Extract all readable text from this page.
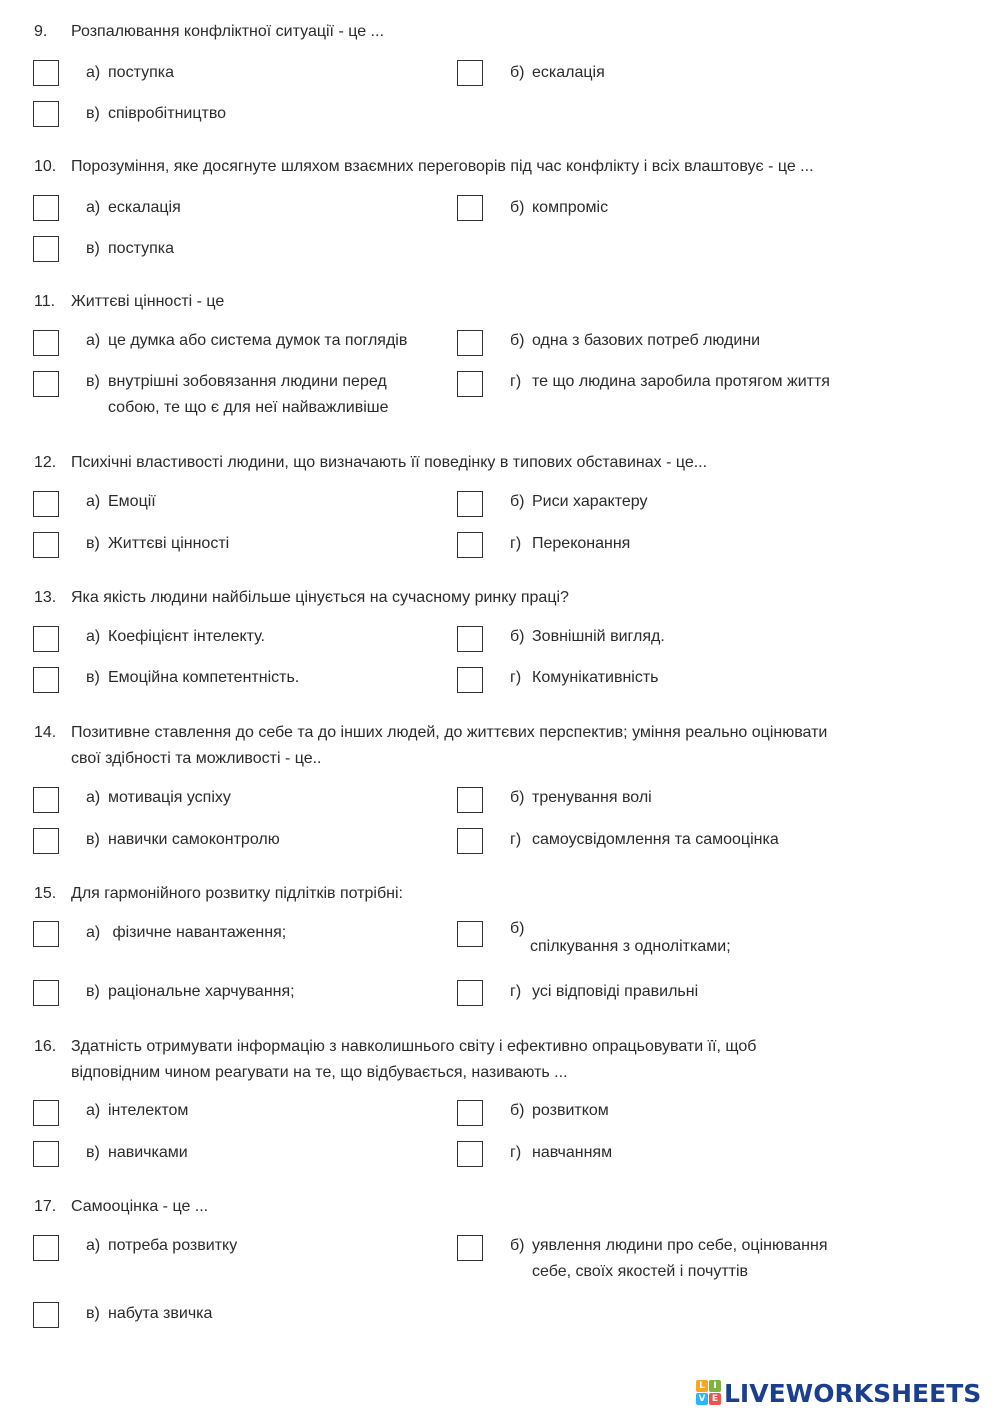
9. Розпалювання конфліктної ситуації - це ...
а) поступка	б) ескалація
в) співробітництво
10. Порозуміння, яке досягнуте шляхом взаємних переговорів під час конфлікту і всіх влаштовує - це ...
а) ескалація	б) компроміс
в) поступка
11. Життєві цінності - це
а) це думка або система думок та поглядів	б) одна з базових потреб людини
в) внутрішні зобовязання людини перед
собою, те що є для неї найважливіше
г) те що людина заробила протягом життя
12. Психічні властивості людини, що визначають її поведінку в типових обставинах - це...
а) Емоції	б) Риси характеру
в) Життєві цінності	г) Переконання
13. Яка якість людини найбільше цінується на сучасному ринку праці?
а) Коефіцієнт інтелекту.	б) Зовнішній вигляд.
в) Емоційна компетентність.	г) Комунікативність
14. Позитивне ставлення до себе та до інших людей, до життєвих перспектив; уміння реально оцінювати
свої здібності та можливості - це..
а) мотивація успіху	б) тренування волі
в) навички самоконтролю	г) самоусвідомлення та самооцінка
15. Для гармонійного розвитку підлітків потрібні:
а) фізичне навантаження;	б)
спілкування з однолітками;
в) раціональне харчування;	г) усі відповіді правильні
16. Здатність отримувати інформацію з навколишнього світу і ефективно опрацьовувати її, щоб
відповідним чином реагувати на те, що відбувається, називають ...
а) інтелектом	б) розвитком
в) навичками	г) навчанням
17. Самооцінка - це ...
а) потреба розвитку	б) уявлення людини про себе, оцінювання
себе, своїх якостей і почуттів
в) набута звичка
L I
V E LIVEWORKSHEETS
